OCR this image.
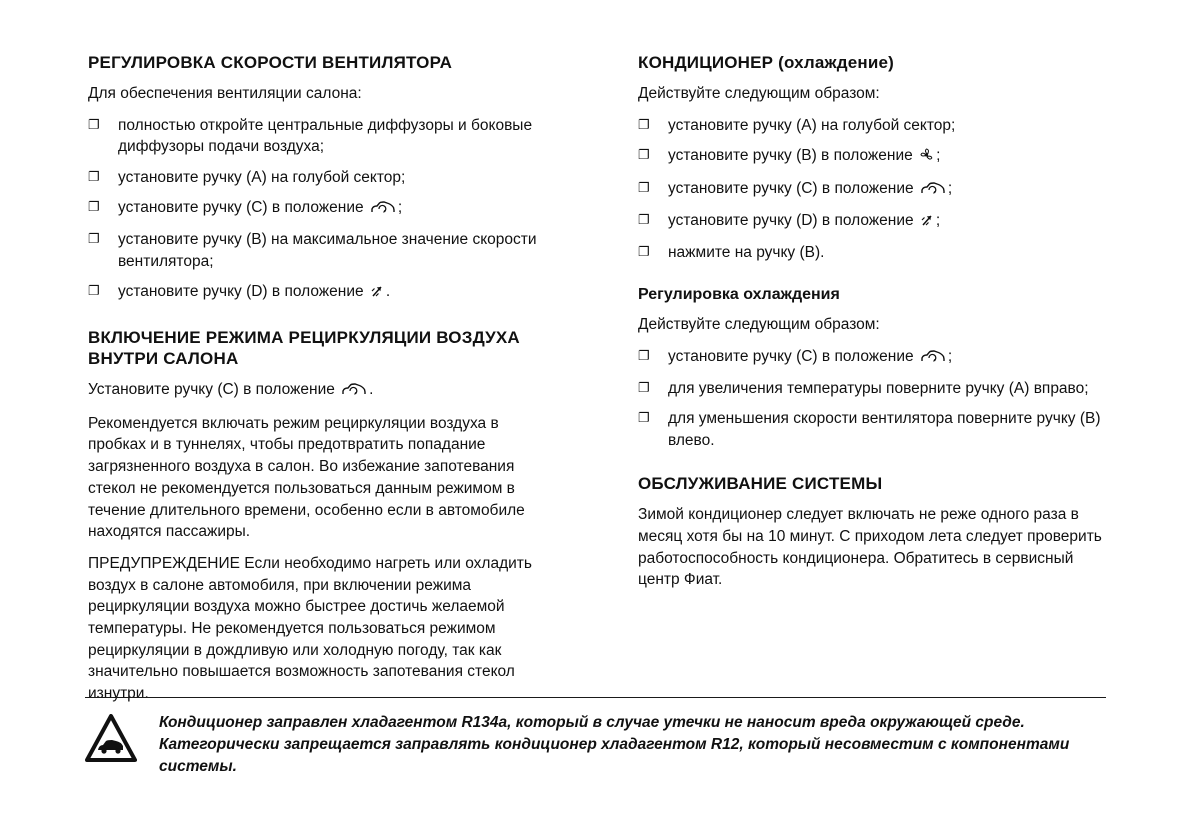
РЕГУЛИРОВКА СКОРОСТИ ВЕНТИЛЯТОРА

Для обеспечения вентиляции салона:

❐	полностью откройте центральные диффузоры и боковые диффузоры подачи воздуха;
❐	установите ручку (A) на голубой сектор;
❐	установите ручку (C) в положение ;
❐	установите ручку (B) на максимальное значение скорости вентилятора;
❐	установите ручку (D) в положение .
ВКЛЮЧЕНИЕ РЕЖИМА РЕЦИРКУЛЯЦИИ ВОЗДУХА ВНУТРИ САЛОНА

Установите ручку (C) в положение .

Рекомендуется включать режим рециркуляции воздуха в пробках и в туннелях, чтобы предотвратить попадание загрязненного воздуха в салон. Во избежание запотевания стекол не рекомендуется пользоваться данным режимом в течение длительного времени, особенно если в автомобиле находятся пассажиры.

ПРЕДУПРЕЖДЕНИЕ Если необходимо нагреть или охладить воздух в салоне автомобиля, при включении режима рециркуляции воздуха можно быстрее достичь желаемой температуры. Не рекомендуется пользоваться режимом рециркуляции в дождливую или холодную погоду, так как значительно повышается возможность запотевания стекол изнутри.

КОНДИЦИОНЕР (охлаждение)

Действуйте следующим образом:

❐	установите ручку (A) на голубой сектор;
❐	установите ручку (B) в положение ;
❐	установите ручку (C) в положение ;
❐	установите ручку (D) в положение ;
❐	нажмите на ручку (B).
Регулировка охлаждения

Действуйте следующим образом:

❐	установите ручку (C) в положение ;
❐	для увеличения температуры поверните ручку (A) вправо;
❐	для уменьшения скорости вентилятора поверните ручку (B) влево.
ОБСЛУЖИВАНИЕ СИСТЕМЫ

Зимой кондиционер следует включать не реже одного раза в месяц хотя бы на 10 минут. С приходом лета следует проверить работоспособность кондиционера. Обратитесь в сервисный центр Фиат.

Кондиционер заправлен хладагентом R134a, который в случае утечки не наносит вреда окружающей среде. Категорически запрещается заправлять кондиционер хладагентом R12, который несовместим с компонентами системы.
